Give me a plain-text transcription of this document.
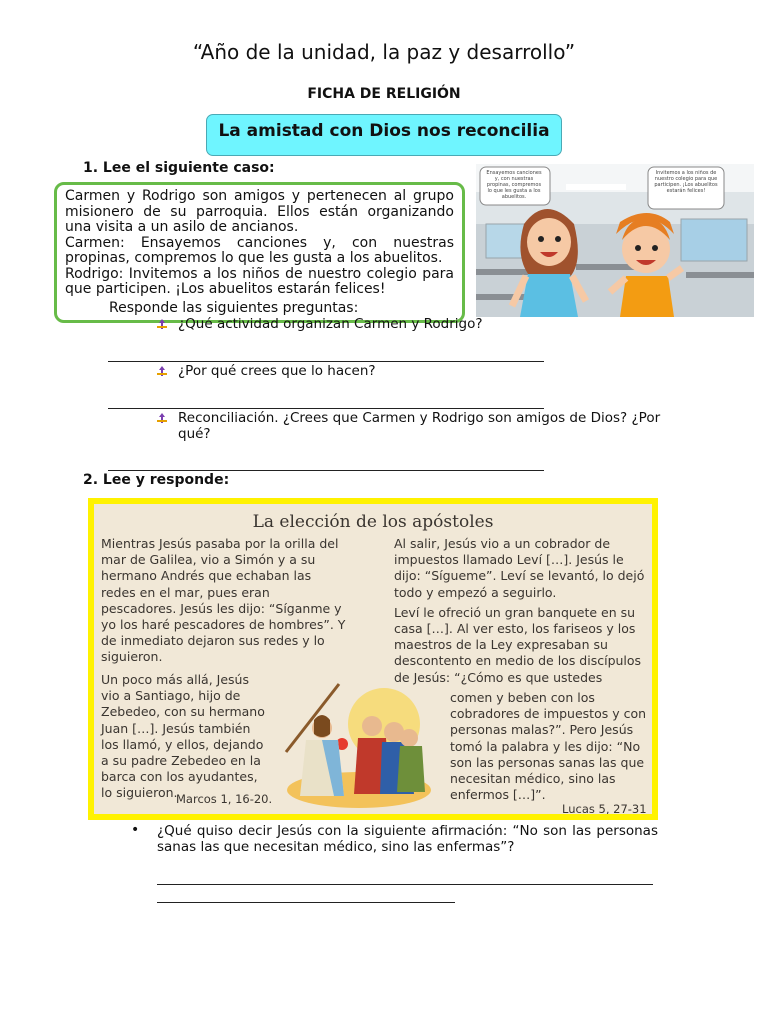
“Año de la unidad, la paz y desarrollo”
FICHA DE RELIGIÓN
La amistad con Dios nos reconcilia
1. Lee el siguiente caso:

Carmen y Rodrigo son amigos y pertenecen al grupo misionero de su parroquia. Ellos están organizando una visita a un asilo de ancianos.

Carmen: Ensayemos canciones y, con nuestras propinas, compremos lo que les gusta a los abuelitos.

Rodrigo: Invitemos a los niños de nuestro colegio para que participen. ¡Los abuelitos estarán felices!

Ensayemos canciones y, con nuestras propinas, compremos lo que les gusta a los abuelitos.
Invitemos a los niños de nuestro colegio para que participen. ¡Los abuelitos estarán felices!
Responde las siguientes preguntas:
¿Qué actividad organizan Carmen y Rodrigo?
¿Por qué crees que lo hacen?
Reconciliación. ¿Crees que Carmen y Rodrigo son amigos de Dios? ¿Por qué?
2. Lee y responde:
La elección de los apóstoles

Mientras Jesús pasaba por la orilla del mar de Galilea, vio a Simón y a su hermano Andrés que echaban las redes en el mar, pues eran pescadores. Jesús les dijo: “Síganme y yo los haré pescadores de hombres”. Y de inmediato dejaron sus redes y lo siguieron.

Un poco más allá, Jesús vio a Santiago, hijo de Zebedeo, con su hermano Juan […]. Jesús también los llamó, y ellos, dejando a su padre Zebedeo en la barca con los ayudantes, lo siguieron.

Marcos 1, 16-20.

Al salir, Jesús vio a un cobrador de impuestos llamado Leví […]. Jesús le dijo: “Sígueme”. Leví se levantó, lo dejó todo y empezó a seguirlo.

Leví le ofreció un gran banquete en su casa […]. Al ver esto, los fariseos y los maestros de la Ley expresaban su descontento en medio de los discípulos de Jesús: “¿Cómo es que ustedes

comen y beben con los cobradores de impuestos y con personas malas?”. Pero Jesús tomó la palabra y les dijo: “No son las personas sanas las que necesitan médico, sino las enfermos […]”.

Lucas 5, 27-31
• ¿Qué quiso decir Jesús con la siguiente afirmación: “No son las personas sanas las que necesitan médico, sino las enfermas”?
